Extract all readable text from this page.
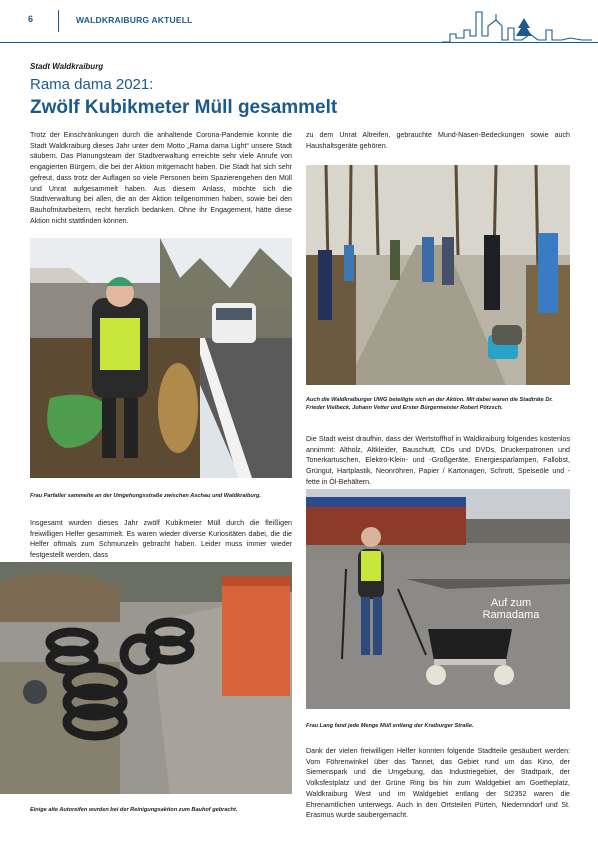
6	WALDKRAIBURG AKTUELL
Stadt Waldkraiburg
Rama dama 2021:
Zwölf Kubikmeter Müll gesammelt

Trotz der Einschränkungen durch die anhaltende Corona-Pandemie konnte die Stadt Waldkraiburg dieses Jahr unter dem Motto „Rama dama Light“ unsere Stadt säubern. Das Planungsteam der Stadtverwaltung erreichte sehr viele Anrufe von engagierten Bürgern, die bei der Aktion mitgemacht haben. Die Stadt hat sich sehr gefreut, dass trotz der Auflagen so viele Personen beim Spazierengehen den Müll und Unrat aufgesammelt haben. Aus diesem Anlass, möchte sich die Stadtverwaltung bei allen, die an der Aktion teilgenommen haben, sowie bei den Bauhofmitarbeitern, recht herzlich bedanken. Ohne ihr Engagement, hätte diese Aktion nicht stattfinden können.

Frau Parfaller sammelte an der Umgehungsstraße zwischen Aschau und Waldkraiburg.

Insgesamt wurden dieses Jahr zwölf Kubikmeter Müll durch die fleißigen freiwilligen Helfer gesammelt. Es waren wieder diverse Kuriositäten dabei, die die Helfer oftmals zum Schmunzeln gebracht haben. Leider muss immer wieder festgestellt werden, dass

Einige alte Autoreifen wurden bei der Reinigungsaktion zum Bauhof gebracht.

zu dem Unrat Altreifen, gebrauchte Mund-Nasen-Bedeckungen sowie auch Haushaltsgeräte gehören.

Auch die Waldkraiburger UWG beteiligte sich an der Aktion. Mit dabei waren die Stadträte Dr. Frieder Vielbeck, Johann Vetter und Erster Bürgermeister Robert Pötzsch.

Die Stadt weist draufhin, dass der Wertstoffhof in Waldkraiburg folgendes kostenlos annimmt: Altholz, Altkleider, Bauschutt, CDs und DVDs, Druckerpatronen und Tonerkartuschen, Elektro-Klein- und -Großgeräte, Energiesparlampen, Fallobst, Grüngut, Hartplastik, Neonröhren, Papier / Kartonagen, Schrott, Speiseöle und -fette in Öl-Behältern.

Auf zum Ramadama

Frau Lang fand jede Menge Müll entlang der Kraiburger Straße.

Dank der vielen freiwilligen Helfer konnten folgende Stadtteile gesäubert werden: Vom Föhrenwinkel über das Tannet, das Gebiet rund um das Kino, der Siemenspark und die Umgebung, das Industriegebiet, der Stadtpark, der Volksfestplatz und der Grüne Ring bis hin zum Waldgebiet am Goetheplatz, Waldkraiburg West und im Waldgebiet entlang der St2352 waren die Ehrenamtlichen unterwegs. Auch in den Ortsteilen Pürten, Niedernndorf und St. Erasmus wurde saubergemacht.
